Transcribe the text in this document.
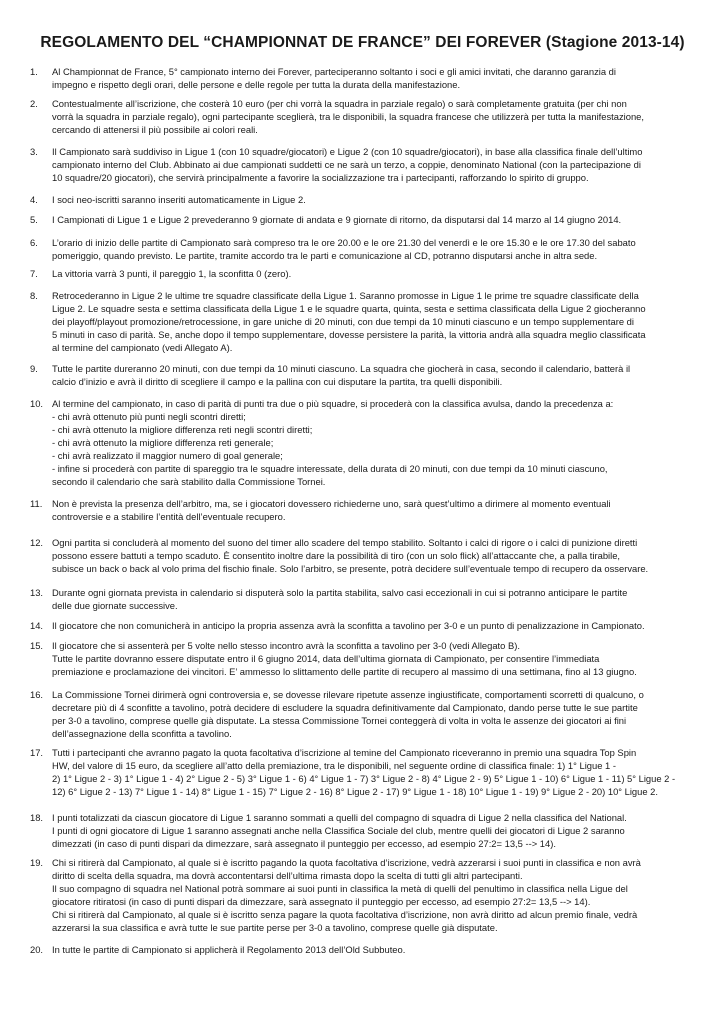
REGOLAMENTO DEL “CHAMPIONNAT DE FRANCE” DEI FOREVER (Stagione 2013-14)
1.	Al Championnat de France, 5° campionato interno dei Forever, parteciperanno soltanto i soci e gli amici invitati, che daranno garanzia di
impegno e rispetto degli orari, delle persone e delle regole per tutta la durata della manifestazione.
2.	Contestualmente all’iscrizione, che costerà 10 euro (per chi vorrà la squadra in parziale regalo) o sarà completamente gratuita (per chi non
vorrà la squadra in parziale regalo), ogni partecipante sceglierà, tra le disponibili, la squadra francese che utilizzerà per tutta la manifestazione,
cercando di attenersi il più possibile ai colori reali.
3.	Il Campionato sarà suddiviso in Ligue 1 (con 10 squadre/giocatori) e Ligue 2 (con 10 squadre/giocatori), in base alla classifica finale dell’ultimo
campionato interno del Club. Abbinato ai due campionati suddetti ce ne sarà un terzo, a coppie, denominato National (con la partecipazione di
10 squadre/20 giocatori), che servirà principalmente a favorire la socializzazione tra i partecipanti, rafforzando lo spirito di gruppo.
4.	I soci neo-iscritti saranno inseriti automaticamente in Ligue 2.
5.	I Campionati di Ligue 1 e Ligue 2 prevederanno 9 giornate di andata e 9 giornate di ritorno, da disputarsi dal 14 marzo al 14 giugno 2014.
6.	L’orario di inizio delle partite di Campionato sarà compreso tra le ore 20.00 e le ore 21.30 del venerdì e le ore 15.30 e le ore 17.30 del sabato
pomeriggio, quando previsto. Le partite, tramite accordo tra le parti e comunicazione al CD, potranno disputarsi anche in altra sede.
7.	La vittoria varrà 3 punti, il pareggio 1, la sconfitta 0 (zero).
8.	Retrocederanno in Ligue 2 le ultime tre squadre classificate della Ligue 1. Saranno promosse in Ligue 1 le prime tre squadre classificate della
Ligue 2. Le squadre sesta e settima classificata della Ligue 1 e le squadre quarta, quinta, sesta e settima classificata della Ligue 2 giocheranno
dei playoff/playout promozione/retrocessione, in gare uniche di 20 minuti, con due tempi da 10 minuti ciascuno e un tempo supplementare di
5 minuti in caso di parità. Se, anche dopo il tempo supplementare, dovesse persistere la parità, la vittoria andrà alla squadra meglio classificata
al termine del campionato (vedi Allegato A).
9.	Tutte le partite dureranno 20 minuti, con due tempi da 10 minuti ciascuno. La squadra che giocherà in casa, secondo il calendario, batterà il
calcio d’inizio e avrà il diritto di scegliere il campo e la pallina con cui disputare la partita, tra quelli disponibili.
10. Al termine del campionato, in caso di parità di punti tra due o più squadre, si procederà con la classifica avulsa, dando la precedenza a:
- chi avrà ottenuto più punti negli scontri diretti;
- chi avrà ottenuto la migliore differenza reti negli scontri diretti;
- chi avrà ottenuto la migliore differenza reti generale;
- chi avrà realizzato il maggior numero di goal generale;
- infine si procederà con partite di spareggio tra le squadre interessate, della durata di 20 minuti, con due tempi da 10 minuti ciascuno,
secondo il calendario che sarà stabilito dalla Commissione Tornei.
11.	Non è prevista la presenza dell’arbitro, ma, se i giocatori dovessero richiederne uno, sarà quest’ultimo a dirimere al momento eventuali
controversie e a stabilire l’entità dell’eventuale recupero.
12. Ogni partita si concluderà al momento del suono del timer allo scadere del tempo stabilito. Soltanto i calci di rigore o i calci di punizione diretti
possono essere battuti a tempo scaduto. È consentito inoltre dare la possibilità di tiro (con un solo flick) all’attaccante che, a palla tirabile,
subisce un back o back al volo prima del fischio finale. Solo l’arbitro, se presente, potrà decidere sull’eventuale tempo di recupero da osservare.
13. Durante ogni giornata prevista in calendario si disputerà solo la partita stabilita, salvo casi eccezionali in cui si potranno anticipare le partite
delle due giornate successive.
14. Il giocatore che non comunicherà in anticipo la propria assenza avrà la sconfitta a tavolino per 3-0 e un punto di penalizzazione in Campionato.
15. Il giocatore che si assenterà per 5 volte nello stesso incontro avrà la sconfitta a tavolino per 3-0 (vedi Allegato B).
Tutte le partite dovranno essere disputate entro il 6 giugno 2014, data dell’ultima giornata di Campionato, per consentire l’immediata
premiazione e proclamazione dei vincitori. E’ ammesso lo slittamento delle partite di recupero al massimo di una settimana, fino al 13 giugno.
16. La Commissione Tornei dirimerà ogni controversia e, se dovesse rilevare ripetute assenze ingiustificate, comportamenti scorretti di qualcuno, o
decretare più di 4 sconfitte a tavolino, potrà decidere di escludere la squadra definitivamente dal Campionato, dando perse tutte le sue partite
per 3-0 a tavolino, comprese quelle già disputate. La stessa Commissione Tornei conteggerà di volta in volta le assenze dei giocatori ai fini
dell’assegnazione della sconfitta a tavolino.
17. Tutti i partecipanti che avranno pagato la quota facoltativa d’iscrizione al temine del Campionato riceveranno in premio una squadra Top Spin
HW, del valore di 15 euro, da scegliere all’atto della premiazione, tra le disponibili, nel seguente ordine di classifica finale: 1) 1° Ligue 1 -
2) 1° Ligue 2 - 3) 1° Ligue 1 - 4) 2° Ligue 2 - 5) 3° Ligue 1 - 6) 4° Ligue 1 - 7) 3° Ligue 2 - 8) 4° Ligue 2 - 9) 5° Ligue 1 - 10) 6° Ligue 1 - 11) 5° Ligue 2 -
12) 6° Ligue 2 - 13) 7° Ligue 1 - 14) 8° Ligue 1 - 15) 7° Ligue 2 - 16) 8° Ligue 2 - 17) 9° Ligue 1 - 18) 10° Ligue 1 - 19) 9° Ligue 2 - 20) 10° Ligue 2.
18. I punti totalizzati da ciascun giocatore di Ligue 1 saranno sommati a quelli del compagno di squadra di Ligue 2 nella classifica del National.
I punti di ogni giocatore di Ligue 1 saranno assegnati anche nella Classifica Sociale del club, mentre quelli dei giocatori di Ligue 2 saranno
dimezzati (in caso di punti dispari da dimezzare, sarà assegnato il punteggio per eccesso, ad esempio 27:2= 13,5 --> 14).
19. Chi si ritirerà dal Campionato, al quale si è iscritto pagando la quota facoltativa d’iscrizione, vedrà azzerarsi i suoi punti in classifica e non avrà
diritto di scelta della squadra, ma dovrà accontentarsi dell’ultima rimasta dopo la scelta di tutti gli altri partecipanti.
Il suo compagno di squadra nel National potrà sommare ai suoi punti in classifica la metà di quelli del penultimo in classifica nella Ligue del
giocatore ritiratosi (in caso di punti dispari da dimezzare, sarà assegnato il punteggio per eccesso, ad esempio 27:2= 13,5 --> 14).
Chi si ritirerà dal Campionato, al quale si è iscritto senza pagare la quota facoltativa d’iscrizione, non avrà diritto ad alcun premio finale, vedrà
azzerarsi la sua classifica e avrà tutte le sue partite perse per 3-0 a tavolino, comprese quelle già disputate.
20. In tutte le partite di Campionato si applicherà il Regolamento 2013 dell’Old Subbuteo.
